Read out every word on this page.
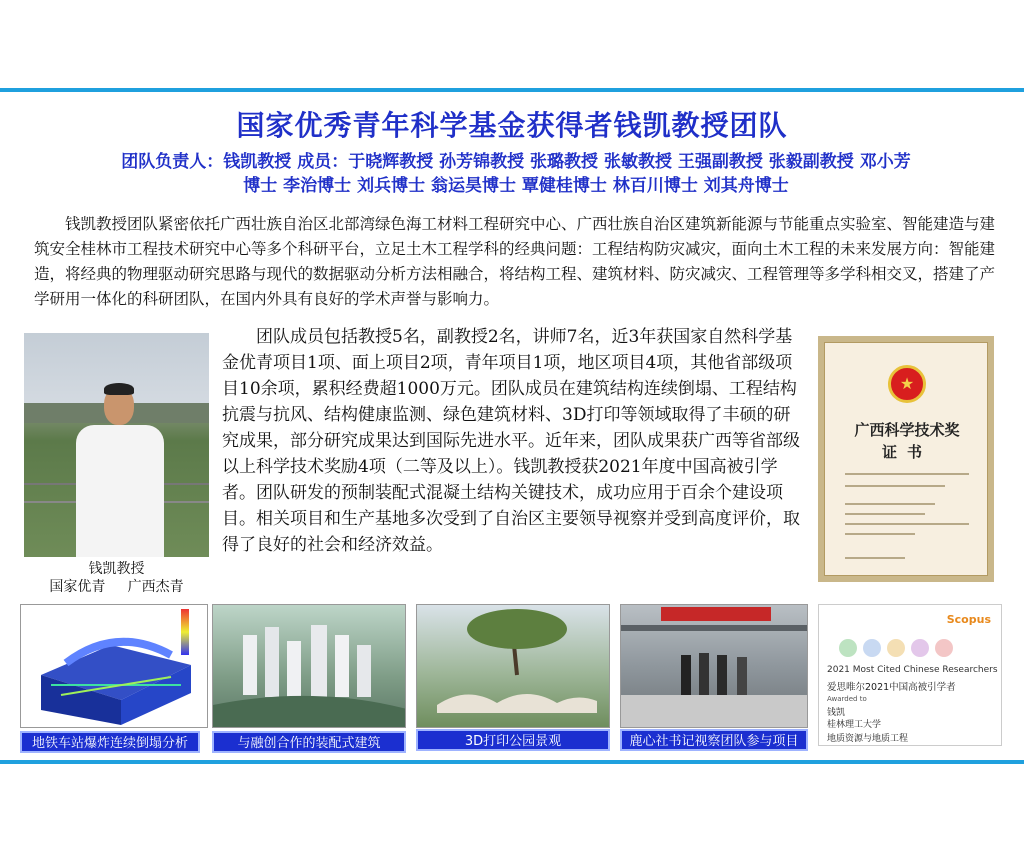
国家优秀青年科学基金获得者钱凯教授团队
团队负责人：钱凯教授 成员：于晓辉教授 孙芳锦教授 张璐教授 张敏教授 王强副教授 张毅副教授 邓小芳
博士 李治博士 刘兵博士 翁运昊博士 覃健桂博士 林百川博士 刘其舟博士
钱凯教授团队紧密依托广西壮族自治区北部湾绿色海工材料工程研究中心、广西壮族自治区建筑新能源与节能重点实验室、智能建造与建筑安全桂林市工程技术研究中心等多个科研平台，立足土木工程学科的经典问题：工程结构防灾减灾，面向土木工程的未来发展方向：智能建造，将经典的物理驱动研究思路与现代的数据驱动分析方法相融合，将结构工程、建筑材料、防灾减灾、工程管理等多学科相交叉，搭建了产学研用一体化的科研团队，在国内外具有良好的学术声誉与影响力。
钱凯教授
国家优青     广西杰青
团队成员包括教授5名，副教授2名，讲师7名，近3年获国家自然科学基金优青项目1项、面上项目2项，青年项目1项，地区项目4项，其他省部级项目10余项，累积经费超1000万元。团队成员在建筑结构连续倒塌、工程结构抗震与抗风、结构健康监测、绿色建筑材料、3D打印等领域取得了丰硕的研究成果，部分研究成果达到国际先进水平。近年来，团队成果获广西等省部级以上科学技术奖励4项（二等及以上）。钱凯教授获2021年度中国高被引学者。团队研发的预制装配式混凝土结构关键技术，成功应用于百余个建设项目。相关项目和生产基地多次受到了自治区主要领导视察并受到高度评价，取得了良好的社会和经济效益。
★
广西科学技术奖
证书
地铁车站爆炸连续倒塌分析	与融创合作的装配式建筑	3D打印公园景观	鹿心社书记视察团队参与项目
Scopus
2021 Most Cited Chinese Researchers
爱思唯尔2021中国高被引学者
Awarded to
钱凯
桂林理工大学
地质资源与地质工程
